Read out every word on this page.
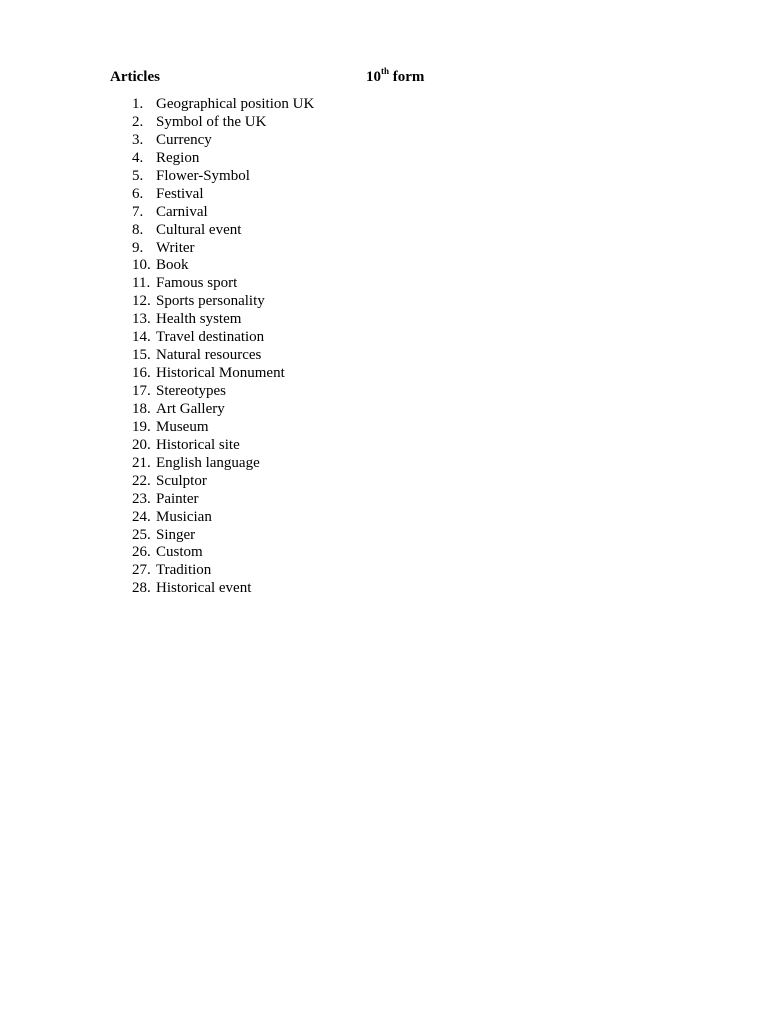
Articles	10th form
1. Geographical position UK
2. Symbol of the UK
3. Currency
4. Region
5. Flower-Symbol
6. Festival
7. Carnival
8. Cultural event
9. Writer
10. Book
11. Famous sport
12. Sports personality
13. Health system
14. Travel destination
15. Natural resources
16. Historical Monument
17. Stereotypes
18. Art Gallery
19. Museum
20. Historical site
21. English language
22. Sculptor
23. Painter
24. Musician
25. Singer
26. Custom
27. Tradition
28. Historical event
